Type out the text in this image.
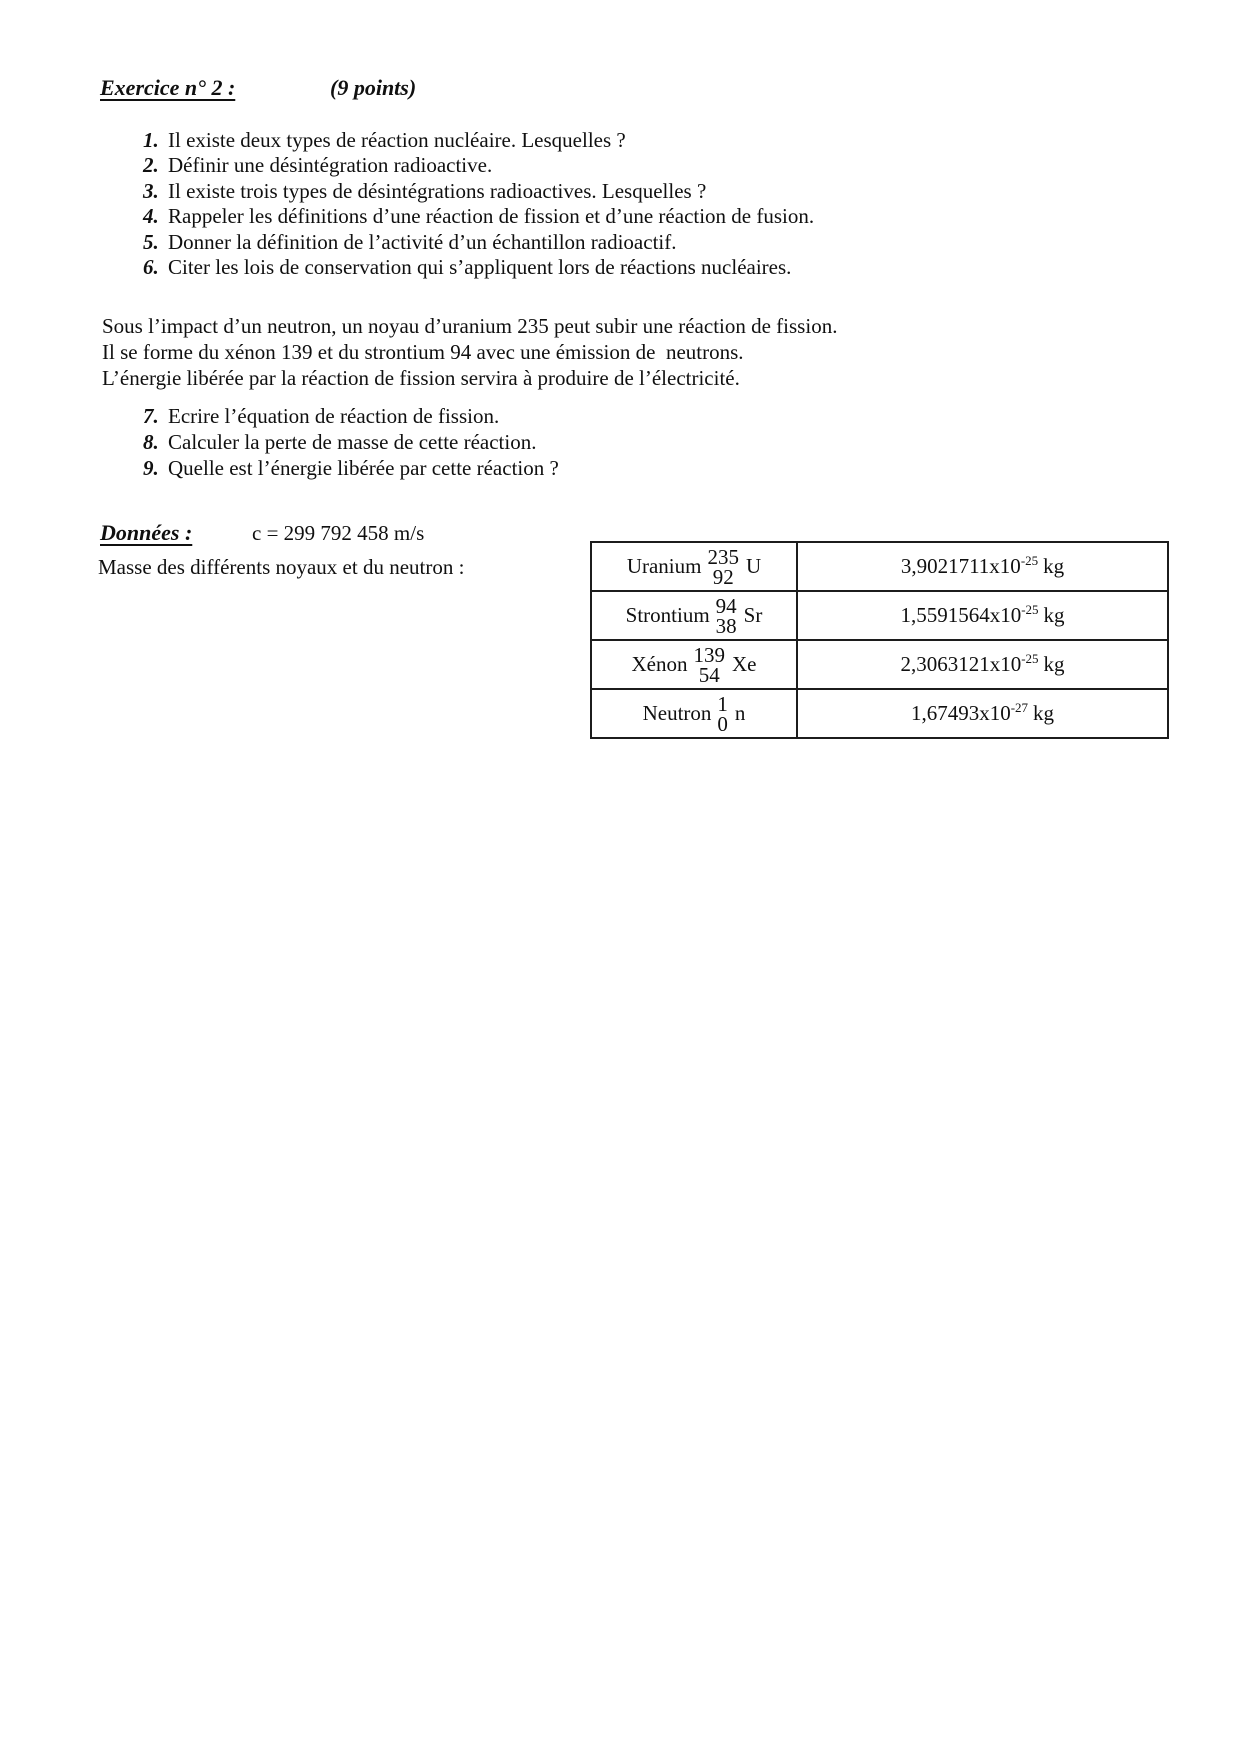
Exercice n° 2 :	(9 points)
1. Il existe deux types de réaction nucléaire. Lesquelles ?
2. Définir une désintégration radioactive.
3. Il existe trois types de désintégrations radioactives. Lesquelles ?
4. Rappeler les définitions d’une réaction de fission et d’une réaction de fusion.
5. Donner la définition de l’activité d’un échantillon radioactif.
6. Citer les lois de conservation qui s’appliquent lors de réactions nucléaires.
Sous l’impact d’un neutron, un noyau d’uranium 235 peut subir une réaction de fission.
Il se forme du xénon 139 et du strontium 94 avec une émission de  neutrons.
L’énergie libérée par la réaction de fission servira à produire de l’électricité.
7. Ecrire l’équation de réaction de fission.
8. Calculer la perte de masse de cette réaction.
9. Quelle est l’énergie libérée par cette réaction ?
Données :	c = 299 792 458 m/s
Masse des différents noyaux et du neutron :	Uranium 235
92 U	$3,9021711x10^{-25}$ kg

Strontium 94
38 Sr	$1,5591564x10^{-25}$ kg

Xénon 139
54 Xe	$2,3063121x10^{-25}$ kg

Neutron 1
0 n	$1,67493x10^{-27}$ kg
